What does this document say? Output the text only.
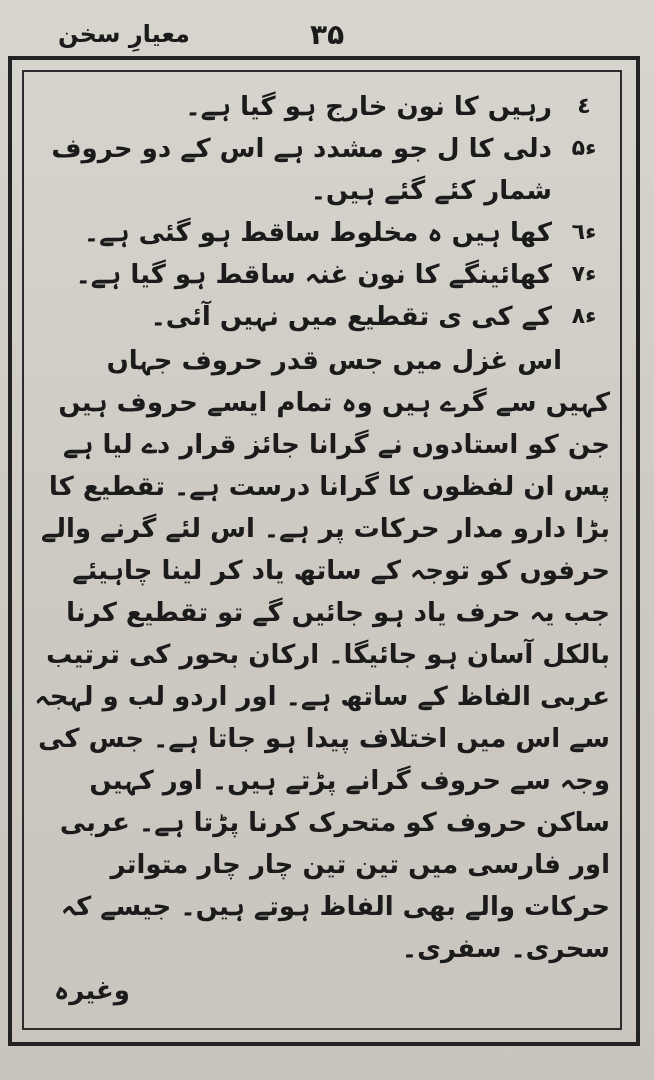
معیارِ سخن	۳۵
٤
رہیں کا نون خارج ہو گیا ہے۔
ء۵
دلی کا ل جو مشدد ہے اس کے دو حروف شمار کئے گئے ہیں۔
ء٦
کھا ہیں ہ مخلوط ساقط ہو گئی ہے۔
ء۷
کھائینگے کا نون غنہ ساقط ہو گیا ہے۔
ء۸
کے کی ی تقطیع میں نہیں آئی۔
اس غزل میں جس قدر حروف جہاں کہیں سے گرے ہیں وہ تمام ایسے حروف ہیں جن کو استادوں نے گرانا جائز قرار دے لیا ہے پس ان لفظوں کا گرانا درست ہے۔ تقطیع کا بڑا دارو مدار حرکات پر ہے۔ اس لئے گرنے والے حرفوں کو توجہ کے ساتھ یاد کر لینا چاہیئے جب یہ حرف یاد ہو جائیں گے تو تقطیع کرنا بالکل آسان ہو جائیگا۔ ارکان بحور کی ترتیب عربی الفاظ کے ساتھ ہے۔ اور اردو لب و لہجہ سے اس میں اختلاف پیدا ہو جاتا ہے۔ جس کی وجہ سے حروف گرانے پڑتے ہیں۔ اور کہیں ساکن حروف کو متحرک کرنا پڑتا ہے۔ عربی اور فارسی میں تین تین چار چار متواتر حرکات والے بھی الفاظ ہوتے ہیں۔ جیسے کہ سحری۔ سفری۔
وغیرہ
